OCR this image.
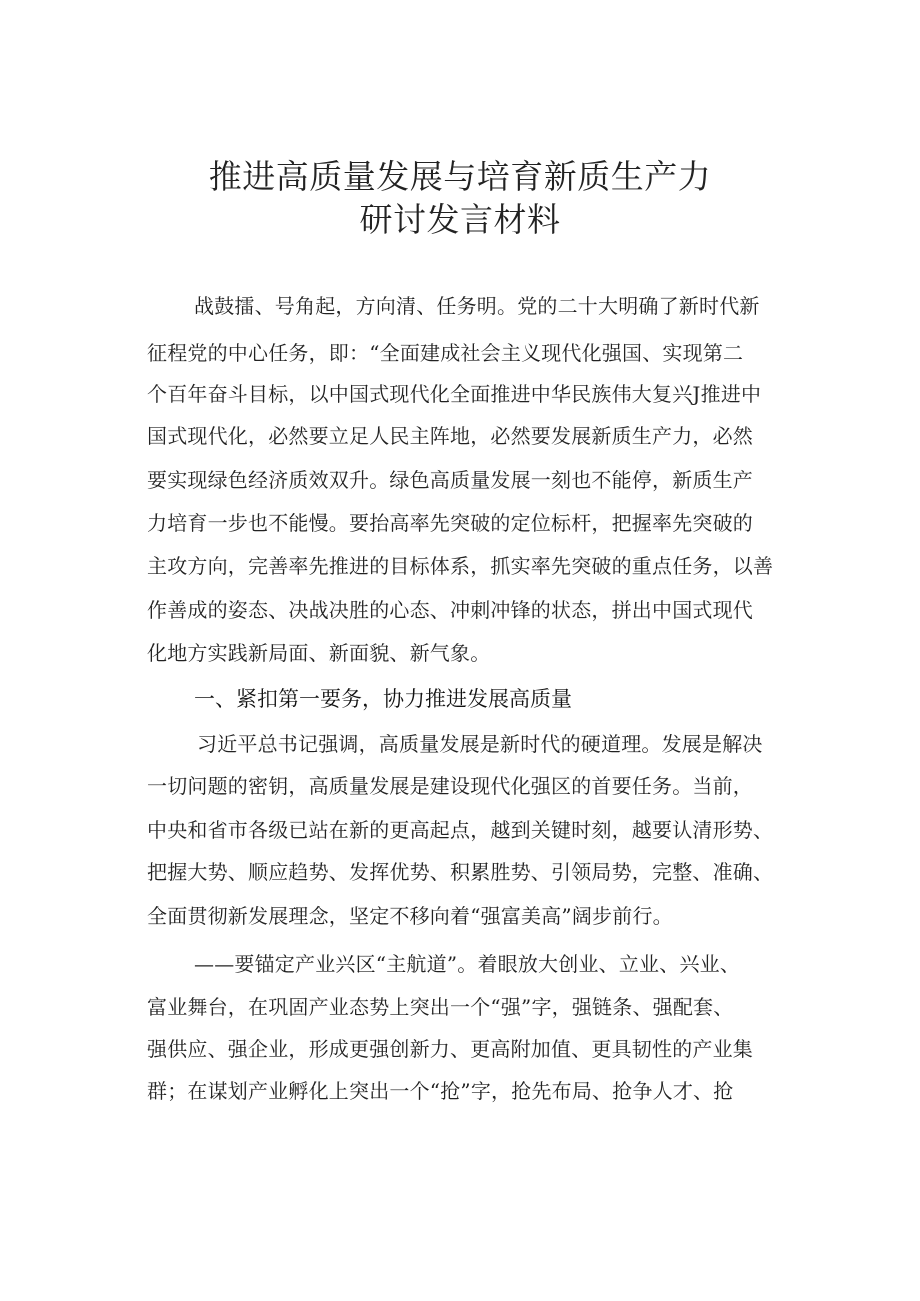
推进高质量发展与培育新质生产力
研讨发言材料
战鼓擂、号角起，方向清、任务明。党的二十大明确了新时代新
征程党的中心任务，即：“全面建成社会主义现代化强国、实现第二
个百年奋斗目标，以中国式现代化全面推进中华民族伟大复兴J推进中
国式现代化，必然要立足人民主阵地，必然要发展新质生产力，必然
要实现绿色经济质效双升。绿色高质量发展一刻也不能停，新质生产
力培育一步也不能慢。要抬高率先突破的定位标杆，把握率先突破的
主攻方向，完善率先推进的目标体系，抓实率先突破的重点任务，以善
作善成的姿态、决战决胜的心态、冲刺冲锋的状态，拼出中国式现代
化地方实践新局面、新面貌、新气象。
一、紧扣第一要务，协力推进发展高质量
习近平总书记强调，高质量发展是新时代的硬道理。发展是解决
一切问题的密钥，高质量发展是建设现代化强区的首要任务。当前，
中央和省市各级已站在新的更高起点，越到关键时刻，越要认清形势、
把握大势、顺应趋势、发挥优势、积累胜势、引领局势，完整、准确、
全面贯彻新发展理念，坚定不移向着“强富美高”阔步前行。
——要锚定产业兴区“主航道”。着眼放大创业、立业、兴业、
富业舞台，在巩固产业态势上突出一个“强”字，强链条、强配套、
强供应、强企业，形成更强创新力、更高附加值、更具韧性的产业集
群；在谋划产业孵化上突出一个“抢”字，抢先布局、抢争人才、抢
